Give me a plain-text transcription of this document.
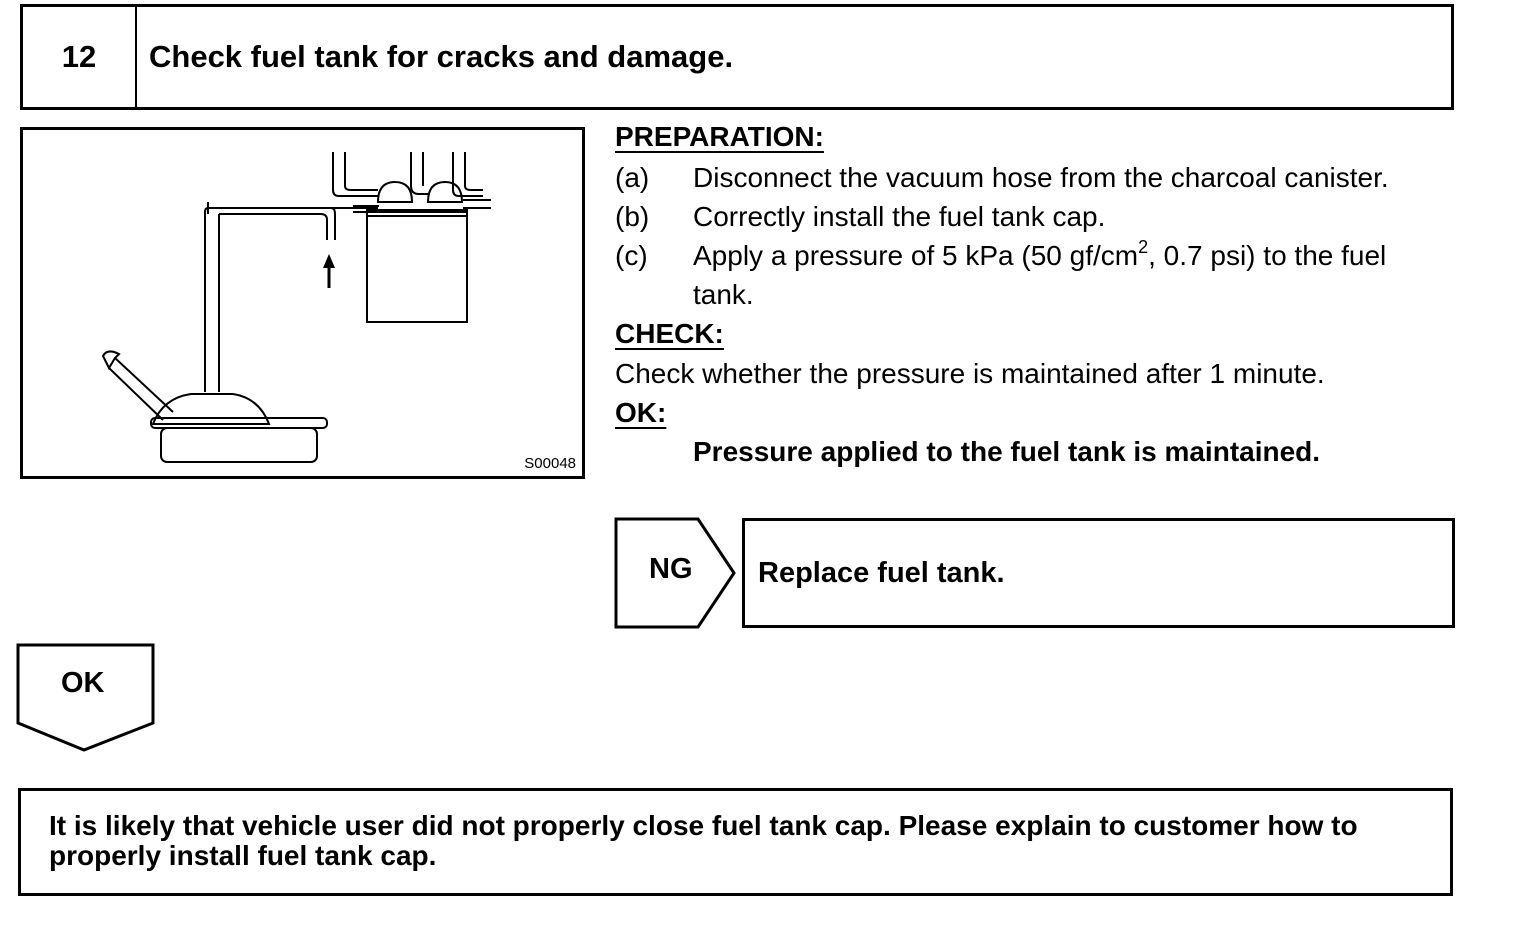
12	Check fuel tank for cracks and damage.
S00048
PREPARATION:
(a) Disconnect the vacuum hose from the charcoal canister.
(b) Correctly install the fuel tank cap.
(c) Apply a pressure of 5 kPa (50 $gf/cm^2$, 0.7 psi) to the fuel
tank.
CHECK:
Check whether the pressure is maintained after 1 minute.
OK:
Pressure applied to the fuel tank is maintained.
NG Replace fuel tank.
OK
It is likely that vehicle user did not properly close fuel tank cap. Please explain to customer how to properly install fuel tank cap.
